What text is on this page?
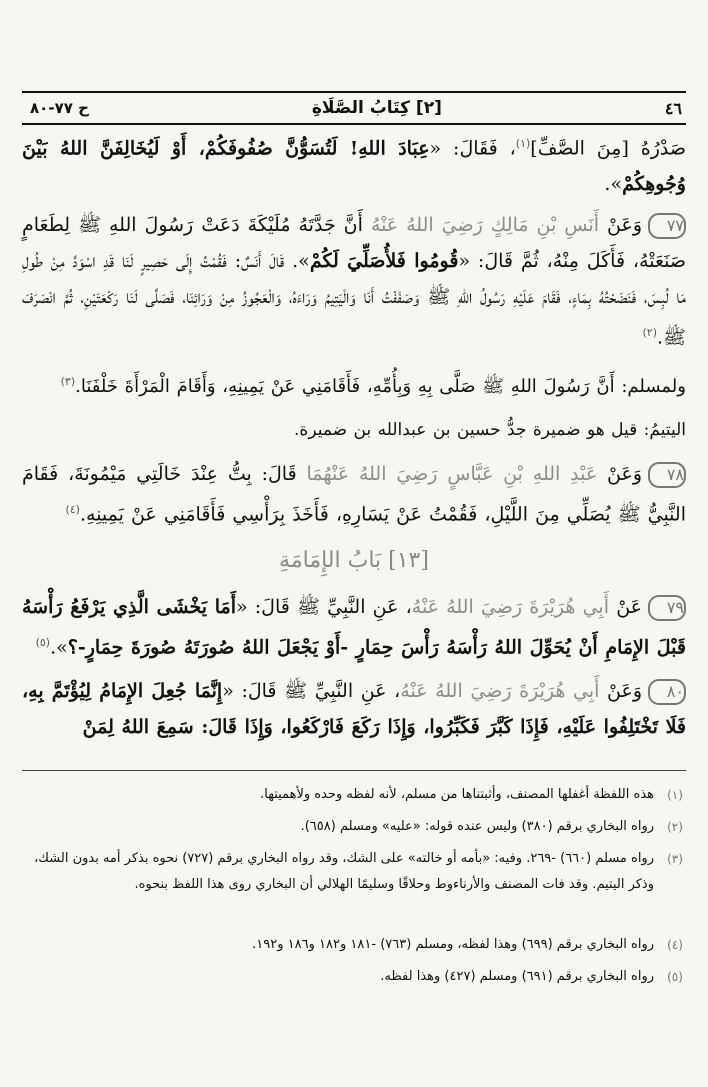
٤٦
[٢] كِتَابُ الصَّلَاةِ
ح ٧٧-٨٠
صَدْرُهُ [مِنَ الصَّفِّ]$^{(١)}$، فَقَالَ: «عِبَادَ اللهِ! لَتُسَوُّنَّ صُفُوفَكُمْ، أَوْ لَيُخَالِفَنَّ اللهُ بَيْنَ وُجُوهِكُمْ».
٧٧وَعَنْ أَنَسِ بْنِ مَالِكٍ رَضِيَ اللهُ عَنْهُ أَنَّ جَدَّتَهُ مُلَيْكَةَ دَعَتْ رَسُولَ اللهِ ﷺ لِطَعَامٍ صَنَعَتْهُ، فَأَكَلَ مِنْهُ، ثُمَّ قَالَ: «قُومُوا فَلأُصَلِّيَ لَكُمْ». قَالَ أَنَسٌ: فَقُمْتُ إِلَى حَصِيرٍ لَنَا قَدِ اسْوَدَّ مِنْ طُولِ مَا لُبِسَ، فَنَضَحْتُهُ بِمَاءٍ، فَقَامَ عَلَيْهِ رَسُولُ اللهِ ﷺ وَصَفَفْتُ أَنَا وَالْيَتِيمُ وَرَاءَهُ، وَالْعَجُوزُ مِنْ وَرَائِنَا، فَصَلَّى لَنَا رَكْعَتَيْنِ، ثُمَّ انْصَرَفَ ﷺ.$^{(٢)}$
ولمسلم: أَنَّ رَسُولَ اللهِ ﷺ صَلَّى بِهِ وَبِأُمِّهِ، فَأَقَامَنِي عَنْ يَمِينِهِ، وَأَقَامَ الْمَرْأَةَ خَلْفَنَا.$^{(٣)}$
اليتيمُ: قيل هو ضميرة جدُّ حسين بن عبدالله بن ضميرة.
٧٨وَعَنْ عَبْدِ اللهِ بْنِ عَبَّاسٍ رَضِيَ اللهُ عَنْهُمَا قَالَ: بِتُّ عِنْدَ خَالَتِي مَيْمُونَةَ، فَقَامَ النَّبِيُّ ﷺ يُصَلِّي مِنَ اللَّيْلِ، فَقُمْتُ عَنْ يَسَارِهِ، فَأَخَذَ بِرَأْسِي فَأَقَامَنِي عَنْ يَمِينِهِ.$^{(٤)}$
[١٣] بَابُ الإِمَامَةِ
٧٩عَنْ أَبِي هُرَيْرَةَ رَضِيَ اللهُ عَنْهُ، عَنِ النَّبِيِّ ﷺ قَالَ: «أَمَا يَخْشَى الَّذِي يَرْفَعُ رَأْسَهُ قَبْلَ الإِمَامِ أَنْ يُحَوِّلَ اللهُ رَأْسَهُ رَأْسَ حِمَارٍ -أَوْ يَجْعَلَ اللهُ صُورَتَهُ صُورَةَ حِمَارٍ-؟».$^{(٥)}$
٨٠وَعَنْ أَبِي هُرَيْرَةَ رَضِيَ اللهُ عَنْهُ، عَنِ النَّبِيِّ ﷺ قَالَ: «إِنَّمَا جُعِلَ الإِمَامُ لِيُؤْتَمَّ بِهِ، فَلَا تَخْتَلِفُوا عَلَيْهِ، فَإِذَا كَبَّرَ فَكَبِّرُوا، وَإِذَا رَكَعَ فَارْكَعُوا، وَإِذَا قَالَ: سَمِعَ اللهُ لِمَنْ
(١)
هذه اللفظة أغفلها المصنف، وأثبتناها من مسلم، لأنه لفظه وحده ولأهميتها.
(٢)
رواه البخاري برقم (٣٨٠) وليس عنده قوله: «عليه» ومسلم (٦٥٨).
(٣)
رواه مسلم (٦٦٠) -٢٦٩. وفيه: «بأمه أو خالته» على الشك، وقد رواه البخاري برقم (٧٢٧) نحوه بذكر أمه بدون الشك، وذكر اليتيم. وقد فات المصنف والأرناءوط وحلاقًا وسليمًا الهلالي أن البخاري روى هذا اللفظ بنحوه.
(٤)
رواه البخاري برقم (٦٩٩) وهذا لفظه، ومسلم (٧٦٣) -١٨١ و١٨٢ و١٨٦ و١٩٢.
(٥)
رواه البخاري برقم (٦٩١) ومسلم (٤٢٧) وهذا لفظه.
